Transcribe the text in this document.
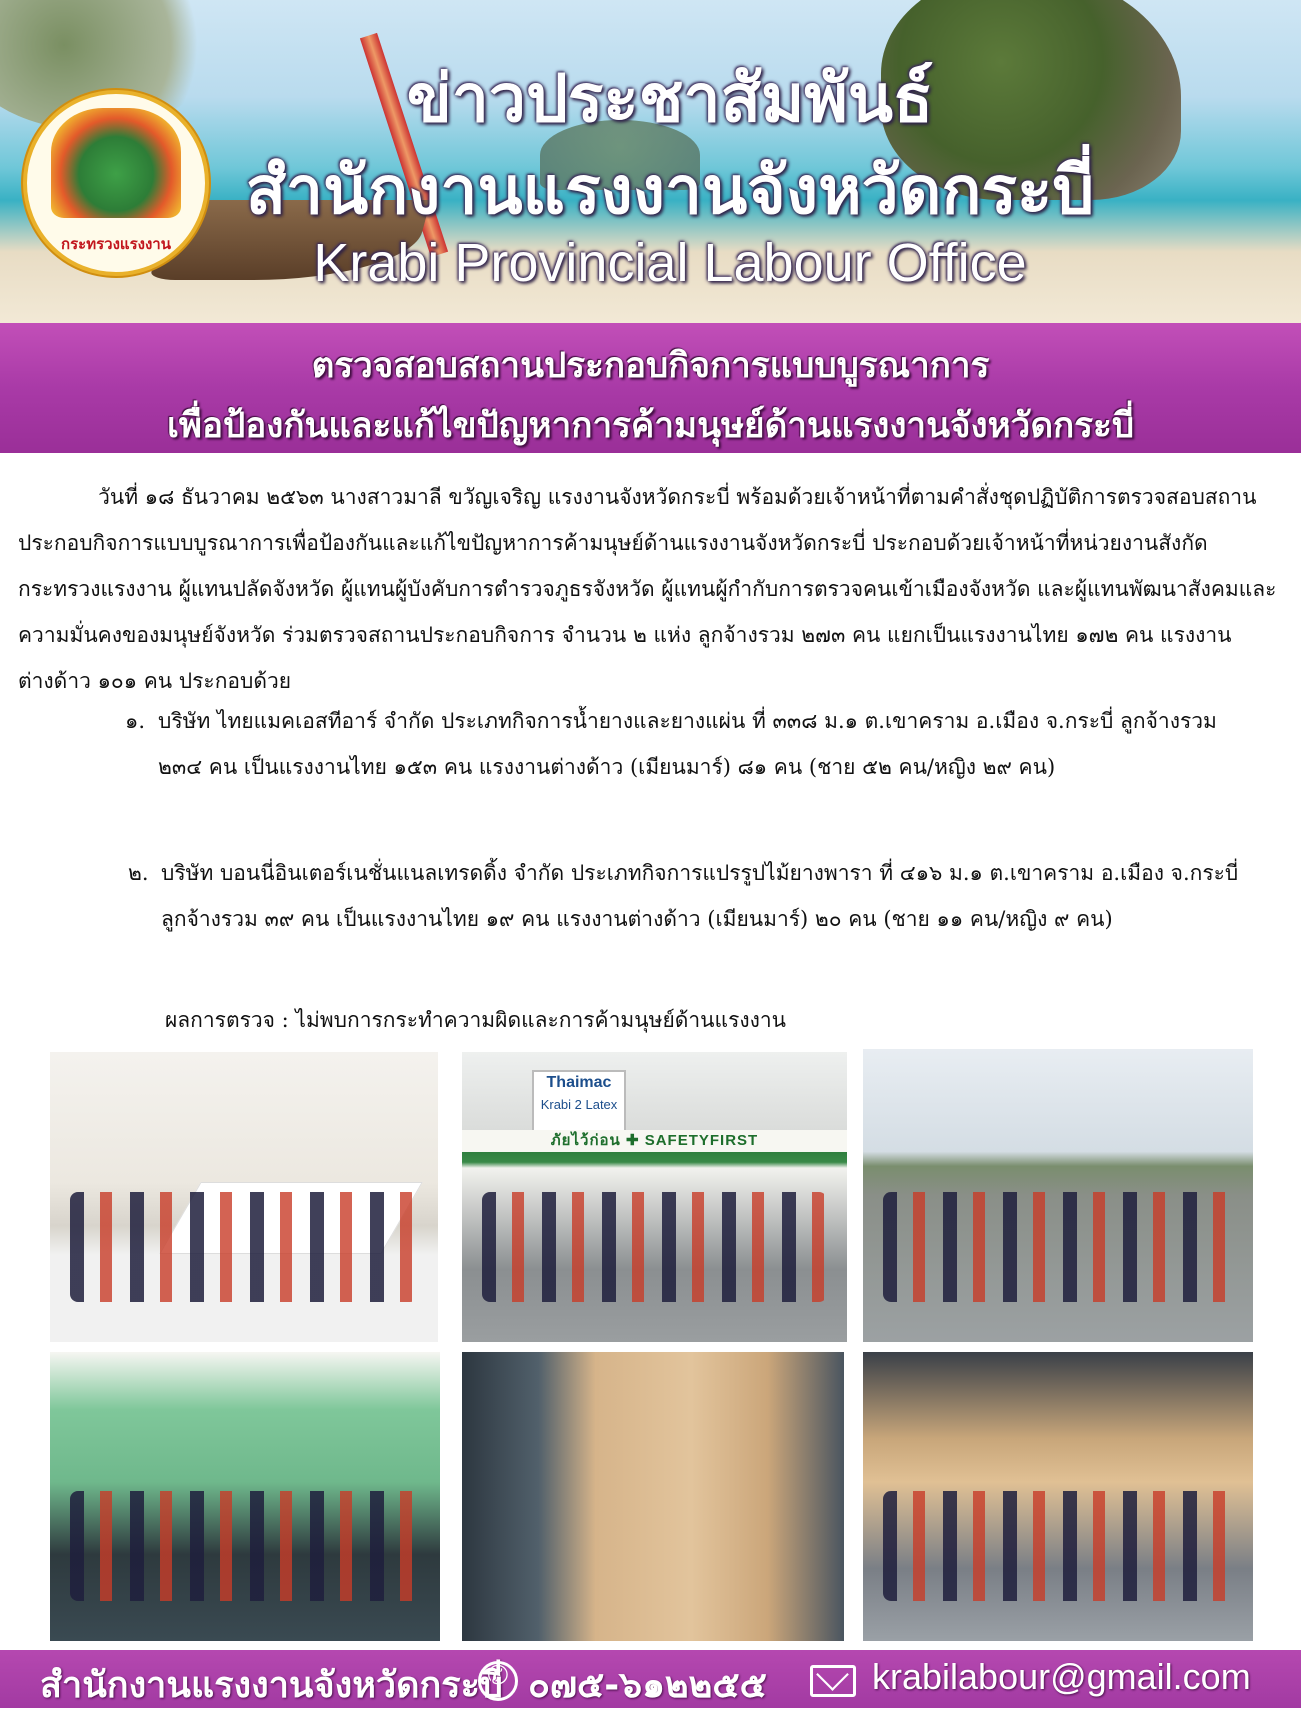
กระทรวงแรงงาน
ข่าวประชาสัมพันธ์
สำนักงานแรงงานจังหวัดกระบี่
Krabi Provincial Labour Office
ตรวจสอบสถานประกอบกิจการแบบบูรณาการ
เพื่อป้องกันและแก้ไขปัญหาการค้ามนุษย์ด้านแรงงานจังหวัดกระบี่
วันที่ ๑๘ ธันวาคม ๒๕๖๓ นางสาวมาลี ขวัญเจริญ แรงงานจังหวัดกระบี่ พร้อมด้วยเจ้าหน้าที่ตามคำสั่งชุดปฏิบัติการตรวจสอบสถานประกอบกิจการแบบบูรณาการเพื่อป้องกันและแก้ไขปัญหาการค้ามนุษย์ด้านแรงงานจังหวัดกระบี่ ประกอบด้วยเจ้าหน้าที่หน่วยงานสังกัดกระทรวงแรงงาน ผู้แทนปลัดจังหวัด ผู้แทนผู้บังคับการตำรวจภูธรจังหวัด ผู้แทนผู้กำกับการตรวจคนเข้าเมืองจังหวัด และผู้แทนพัฒนาสังคมและความมั่นคงของมนุษย์จังหวัด ร่วมตรวจสถานประกอบกิจการ จำนวน ๒ แห่ง ลูกจ้างรวม ๒๗๓ คน แยกเป็นแรงงานไทย ๑๗๒ คน แรงงานต่างด้าว ๑๐๑ คน ประกอบด้วย
๑. บริษัท ไทยแมคเอสทีอาร์ จำกัด ประเภทกิจการน้ำยางและยางแผ่น ที่ ๓๓๘ ม.๑ ต.เขาคราม อ.เมือง จ.กระบี่ ลูกจ้างรวม ๒๓๔ คน เป็นแรงงานไทย ๑๕๓ คน แรงงานต่างด้าว (เมียนมาร์) ๘๑ คน (ชาย ๕๒ คน/หญิง ๒๙ คน)
๒. บริษัท บอนนี่อินเตอร์เนชั่นแนลเทรดดิ้ง จำกัด ประเภทกิจการแปรรูปไม้ยางพารา ที่ ๔๑๖ ม.๑ ต.เขาคราม อ.เมือง จ.กระบี่ ลูกจ้างรวม ๓๙ คน เป็นแรงงานไทย ๑๙ คน แรงงานต่างด้าว (เมียนมาร์) ๒๐ คน (ชาย ๑๑ คน/หญิง ๙ คน)
ผลการตรวจ : ไม่พบการกระทำความผิดและการค้ามนุษย์ด้านแรงงาน
Thaimac
Krabi 2 Latex
ภัยไว้ก่อน ✚ SAFETYFIRST
สำนักงานแรงงานจังหวัดกระบี่
✆ ๐๗๕-๖๑๒๒๕๕	krabilabour@gmail.com
